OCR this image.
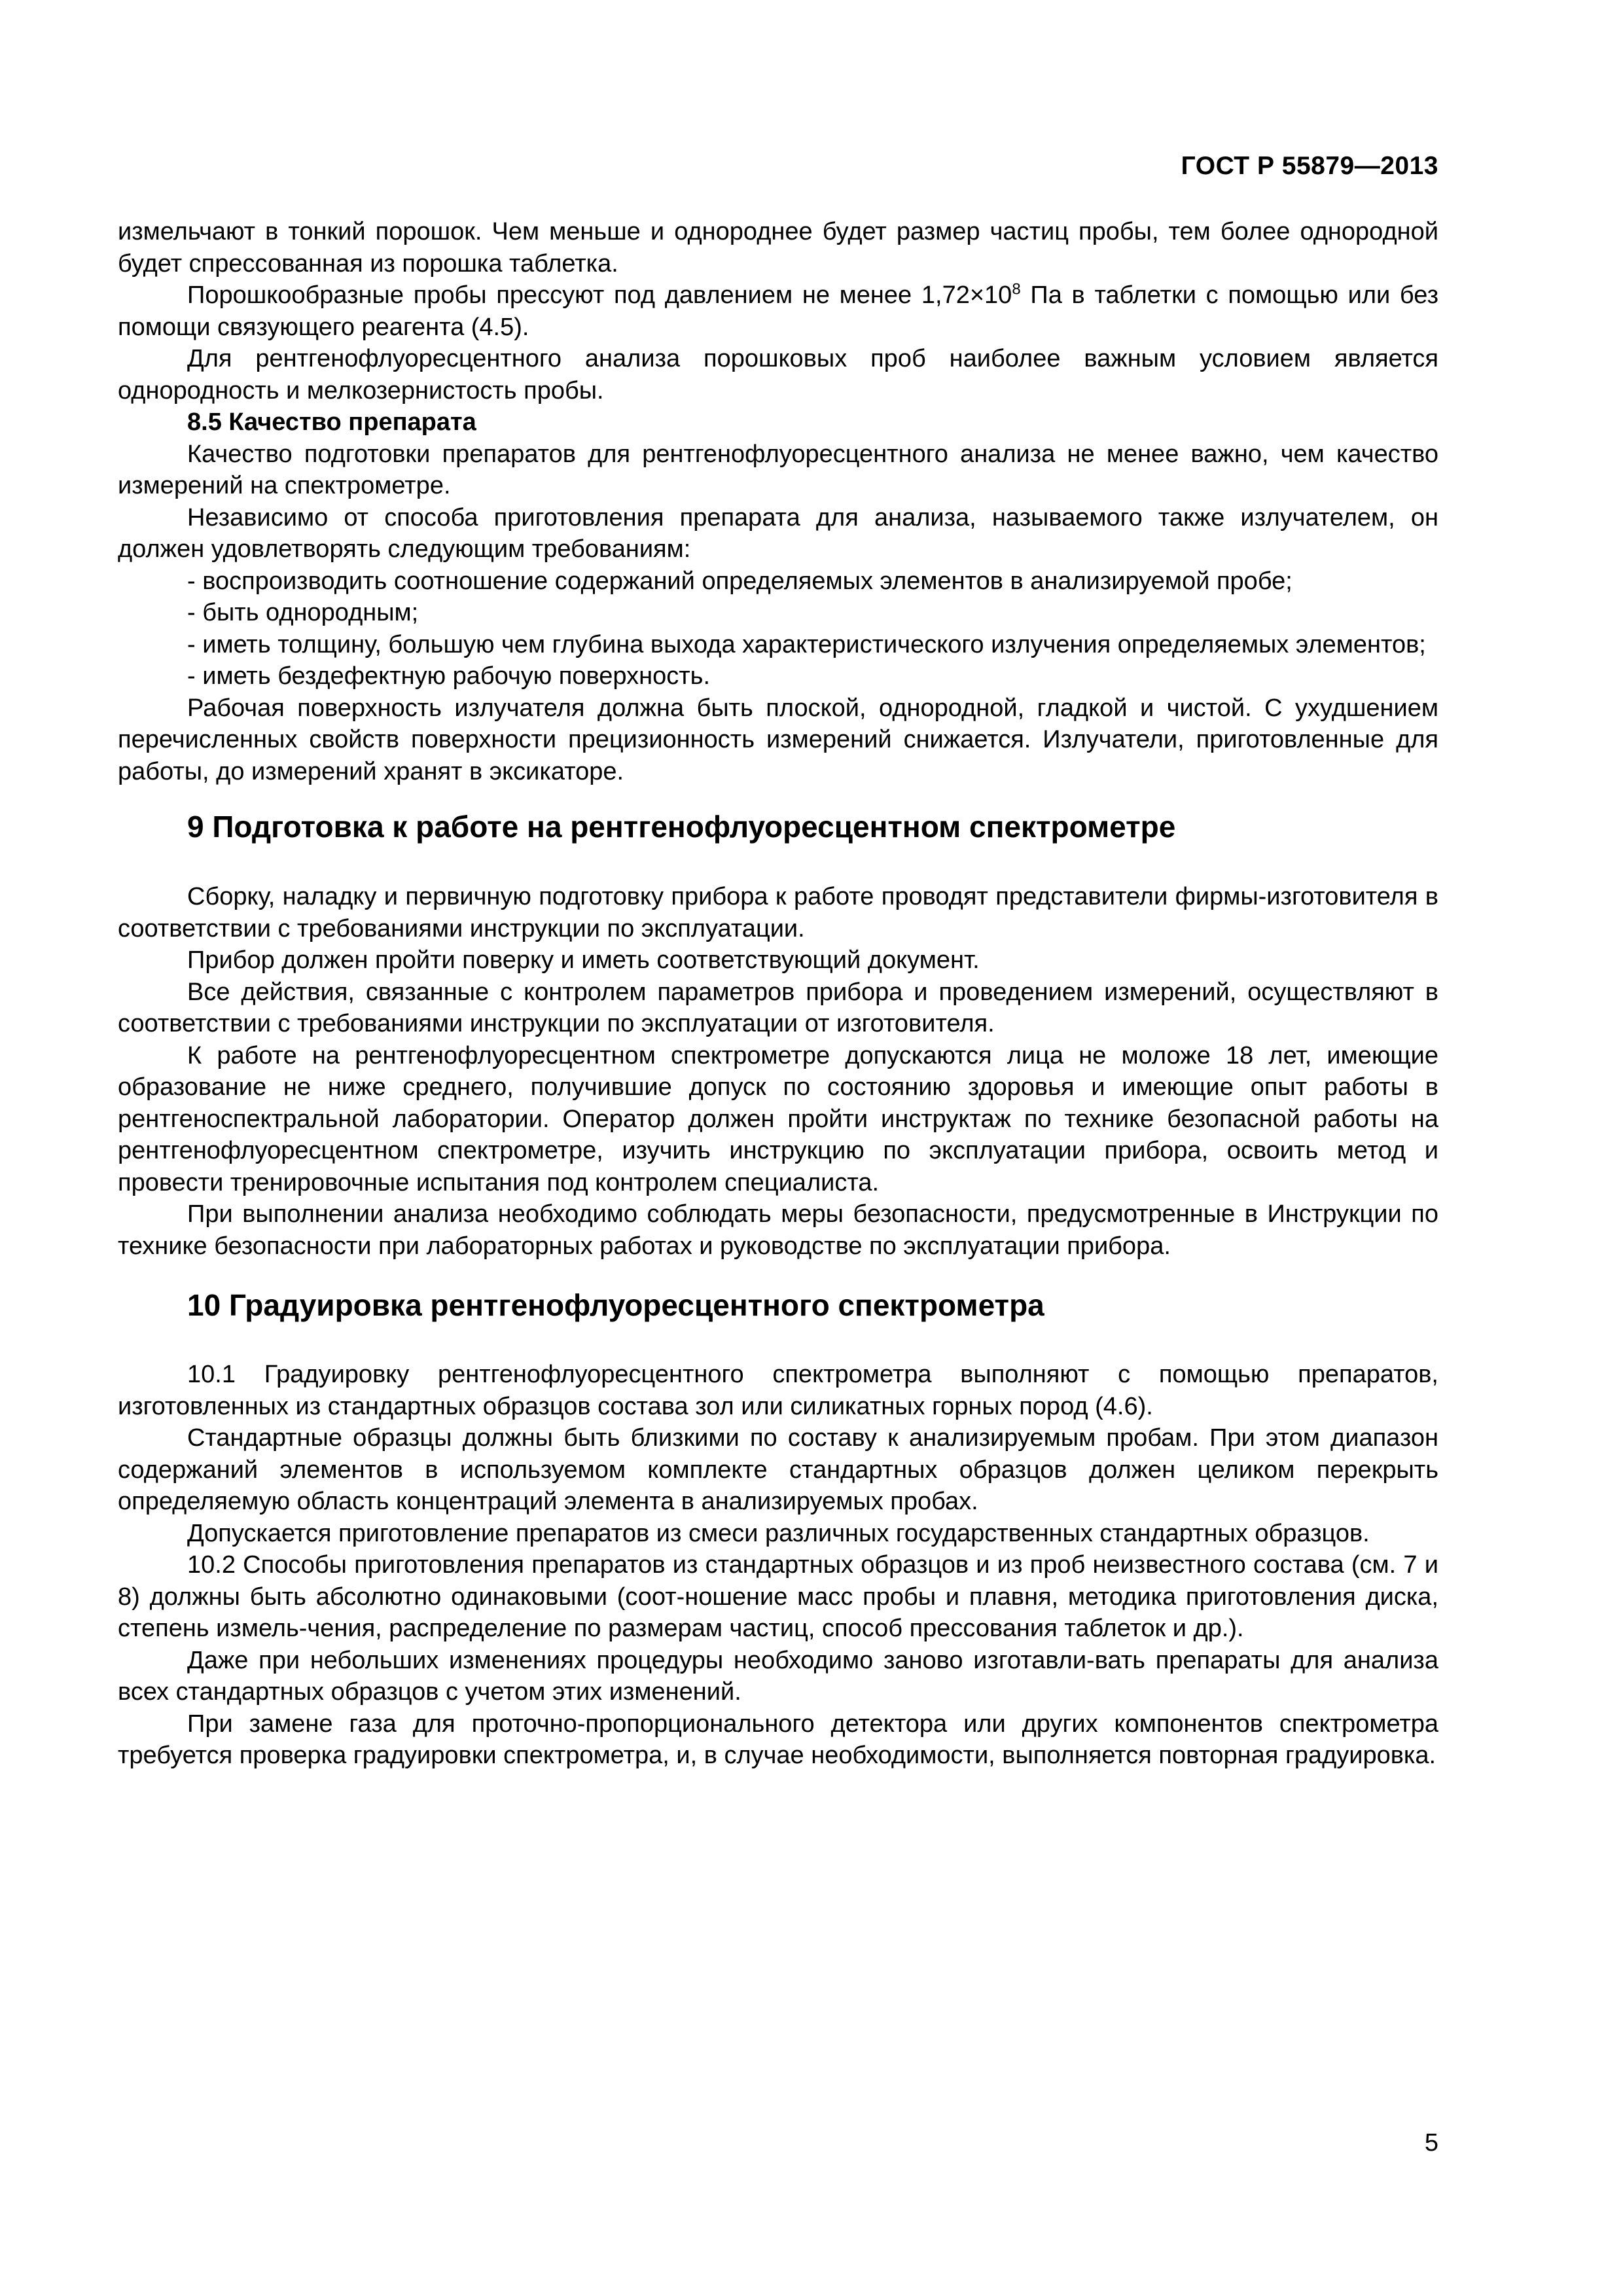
ГОСТ Р 55879—2013

измельчают в тонкий порошок. Чем меньше и однороднее будет размер частиц пробы, тем более однородной будет спрессованная из порошка таблетка.

Порошкообразные пробы прессуют под давлением не менее $1,72\times 10^8$ Па в таблетки с помощью или без помощи связующего реагента (4.5).

Для рентгенофлуоресцентного анализа порошковых проб наиболее важным условием является однородность и мелкозернистость пробы.

8.5 Качество препарата

Качество подготовки препаратов для рентгенофлуоресцентного анализа не менее важно, чем качество измерений на спектрометре.

Независимо от способа приготовления препарата для анализа, называемого также излучателем, он должен удовлетворять следующим требованиям:

- воспроизводить соотношение содержаний определяемых элементов в анализируемой пробе;

- быть однородным;

- иметь толщину, большую чем глубина выхода характеристического излучения определяемых элементов;

- иметь бездефектную рабочую поверхность.

Рабочая поверхность излучателя должна быть плоской, однородной, гладкой и чистой. С ухудшением перечисленных свойств поверхности прецизионность измерений снижается. Излучатели, приготовленные для работы, до измерений хранят в эксикаторе.

9 Подготовка к работе на рентгенофлуоресцентном спектрометре

Сборку, наладку и первичную подготовку прибора к работе проводят представители фирмы-изготовителя в соответствии с требованиями инструкции по эксплуатации.

Прибор должен пройти поверку и иметь соответствующий документ.

Все действия, связанные с контролем параметров прибора и проведением измерений, осуществляют в соответствии с требованиями инструкции по эксплуатации от изготовителя.

К работе на рентгенофлуоресцентном спектрометре допускаются лица не моложе 18 лет, имеющие образование не ниже среднего, получившие допуск по состоянию здоровья и имеющие опыт работы в рентгеноспектральной лаборатории. Оператор должен пройти инструктаж по технике безопасной работы на рентгенофлуоресцентном спектрометре, изучить инструкцию по эксплуатации прибора, освоить метод и провести тренировочные испытания под контролем специалиста.

При выполнении анализа необходимо соблюдать меры безопасности, предусмотренные в Инструкции по технике безопасности при лабораторных работах и руководстве по эксплуатации прибора.

10 Градуировка рентгенофлуоресцентного спектрометра

10.1 Градуировку рентгенофлуоресцентного спектрометра выполняют с помощью препаратов, изготовленных из стандартных образцов состава зол или силикатных горных пород (4.6).

Стандартные образцы должны быть близкими по составу к анализируемым пробам. При этом диапазон содержаний элементов в используемом комплекте стандартных образцов должен целиком перекрыть определяемую область концентраций элемента в анализируемых пробах.

Допускается приготовление препаратов из смеси различных государственных стандартных образцов.

10.2 Способы приготовления препаратов из стандартных образцов и из проб неизвестного состава (см. 7 и 8) должны быть абсолютно одинаковыми (соот-ношение масс пробы и плавня, методика приготовления диска, степень измель-чения, распределение по размерам частиц, способ прессования таблеток и др.).

Даже при небольших изменениях процедуры необходимо заново изготавли-вать препараты для анализа всех стандартных образцов с учетом этих изменений.

При замене газа для проточно-пропорционального детектора или других компонентов спектрометра требуется проверка градуировки спектрометра, и, в случае необходимости, выполняется повторная градуировка.

5
